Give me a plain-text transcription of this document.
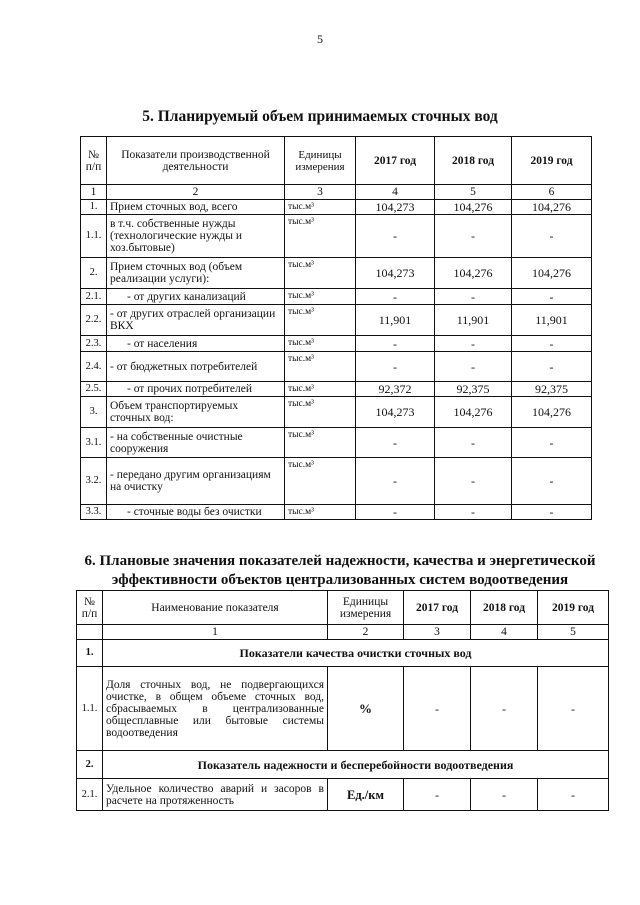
5
5. Планируемый объем принимаемых сточных вод
№ п/п	Показатели производственной деятельности	Единицы измерения	2017 год	2018 год	2019 год
1	2	3	4	5	6
1.	Прием сточных вод, всего	тыс.м³	104,273	104,276	104,276
1.1.	в т.ч. собственные нужды (технологические нужды и хоз.бытовые)	тыс.м³	-	-	-
2.	Прием сточных вод (объем реализации услуги):	тыс.м³	104,273	104,276	104,276
2.1.	- от других канализаций	тыс.м³	-	-	-
2.2.	- от других отраслей организации ВКХ	тыс.м³	11,901	11,901	11,901
2.3.	- от населения	тыс.м³	-	-	-
2.4.	- от бюджетных потребителей	тыс.м³	-	-	-
2.5.	- от прочих потребителей	тыс.м³	92,372	92,375	92,375
3.	Объем транспортируемых сточных вод:	тыс.м³	104,273	104,276	104,276
3.1.	- на собственные очистные сооружения	тыс.м³	-	-	-
3.2.	- передано другим организациям на очистку	тыс.м³	-	-	-
3.3.	- сточные воды без очистки	тыс.м³	-	-	-
6. Плановые значения показателей надежности, качества и энергетической эффективности объектов централизованных систем водоотведения
№ п/п	Наименование показателя	Единицы измерения	2017 год	2018 год	2019 год
	1	2	3	4	5
1.	Показатели качества очистки сточных вод				
1.1.	Доля сточных вод, не подвергающихся очистке, в общем объеме сточных вод, сбрасываемых в централизованные общесплавные или бытовые системы водоотведения	%	-	-	-
2.	Показатель надежности и бесперебойности водоотведения				
2.1.	Удельное количество аварий и засоров в расчете на протяженность	Ед./км	-	-	-
